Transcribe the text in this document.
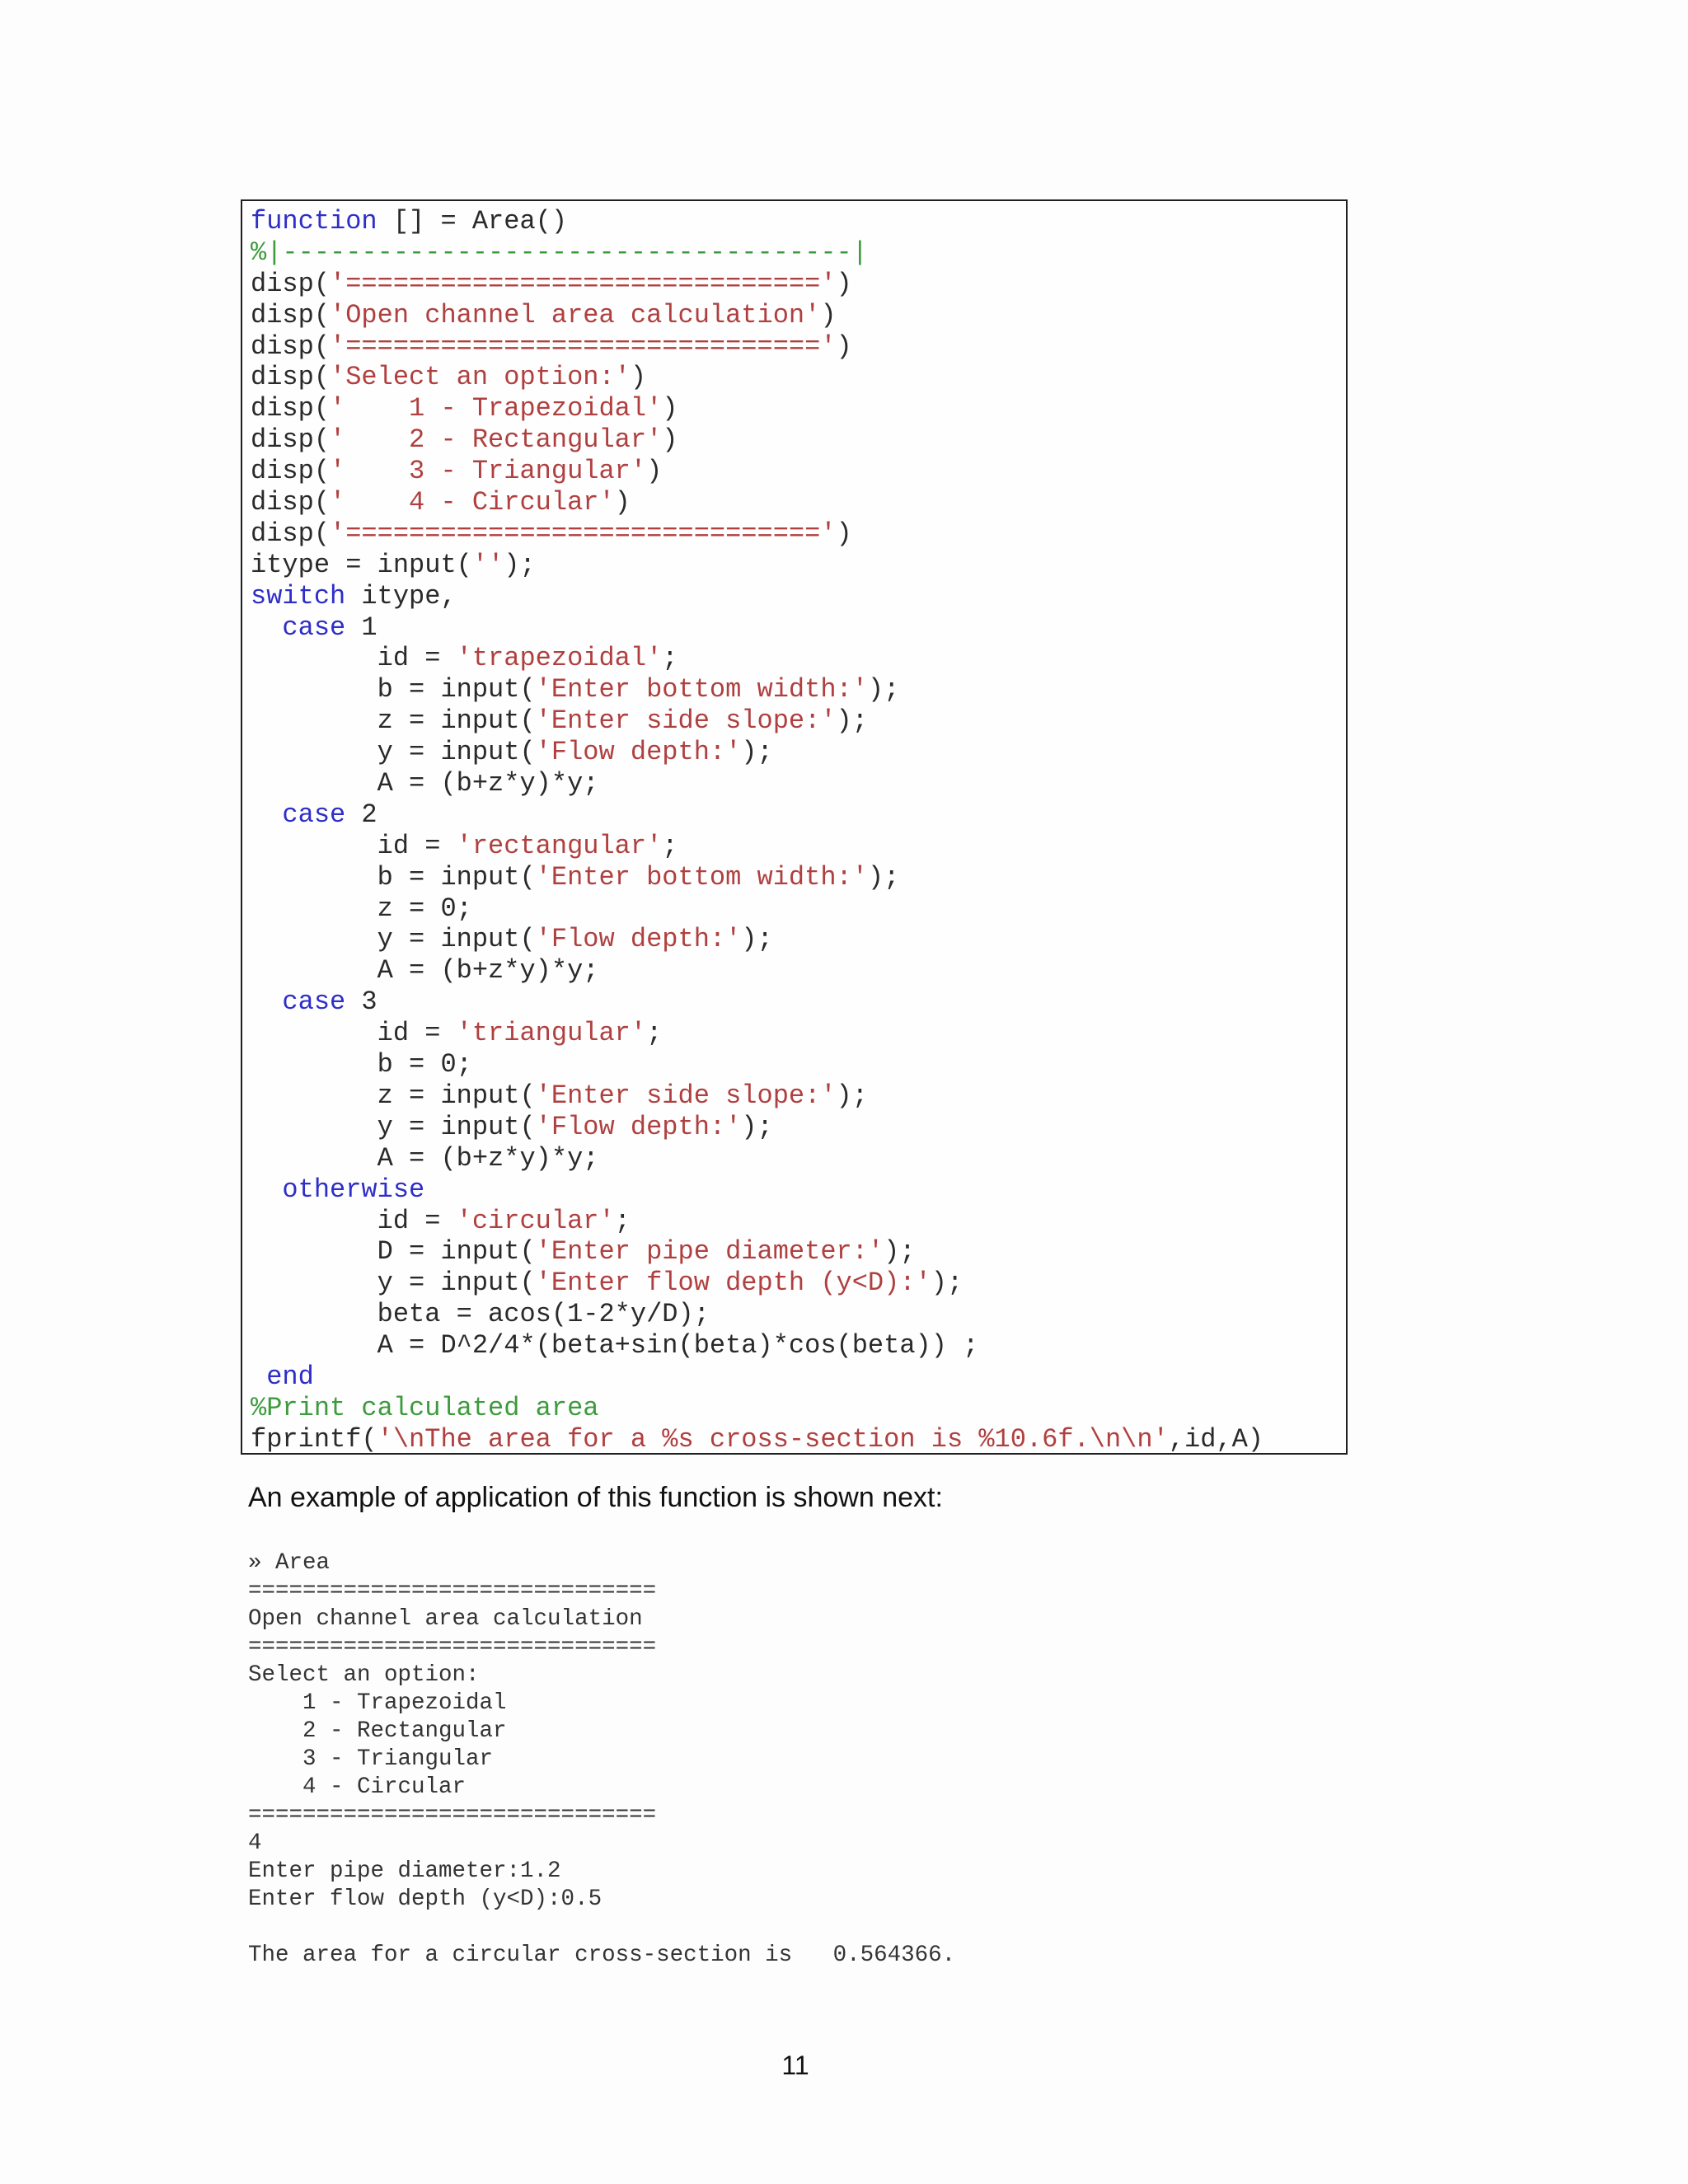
function [] = Area()
%|------------------------------------|
disp('==============================')
disp('Open channel area calculation')
disp('==============================')
disp('Select an option:')
disp('    1 - Trapezoidal')
disp('    2 - Rectangular')
disp('    3 - Triangular')
disp('    4 - Circular')
disp('==============================')
itype = input('');
switch itype,
case 1
id = 'trapezoidal';
b = input('Enter bottom width:');
z = input('Enter side slope:');
y = input('Flow depth:');
A = (b+z*y)*y;
case 2
id = 'rectangular';
b = input('Enter bottom width:');
z = 0;
y = input('Flow depth:');
A = (b+z*y)*y;
case 3
id = 'triangular';
b = 0;
z = input('Enter side slope:');
y = input('Flow depth:');
A = (b+z*y)*y;
otherwise
id = 'circular';
D = input('Enter pipe diameter:');
y = input('Enter flow depth (y<D):');
beta = acos(1-2*y/D);
A = D^2/4*(beta+sin(beta)*cos(beta)) ;
end
%Print calculated area
fprintf('\nThe area for a %s cross-section is %10.6f.\n\n',id,A)
An example of application of this function is shown next:
» Area
==============================
Open channel area calculation
==============================
Select an option:
1 - Trapezoidal
2 - Rectangular
3 - Triangular
4 - Circular
==============================
4
Enter pipe diameter:1.2
Enter flow depth (y<D):0.5
The area for a circular cross-section is   0.564366.
11
